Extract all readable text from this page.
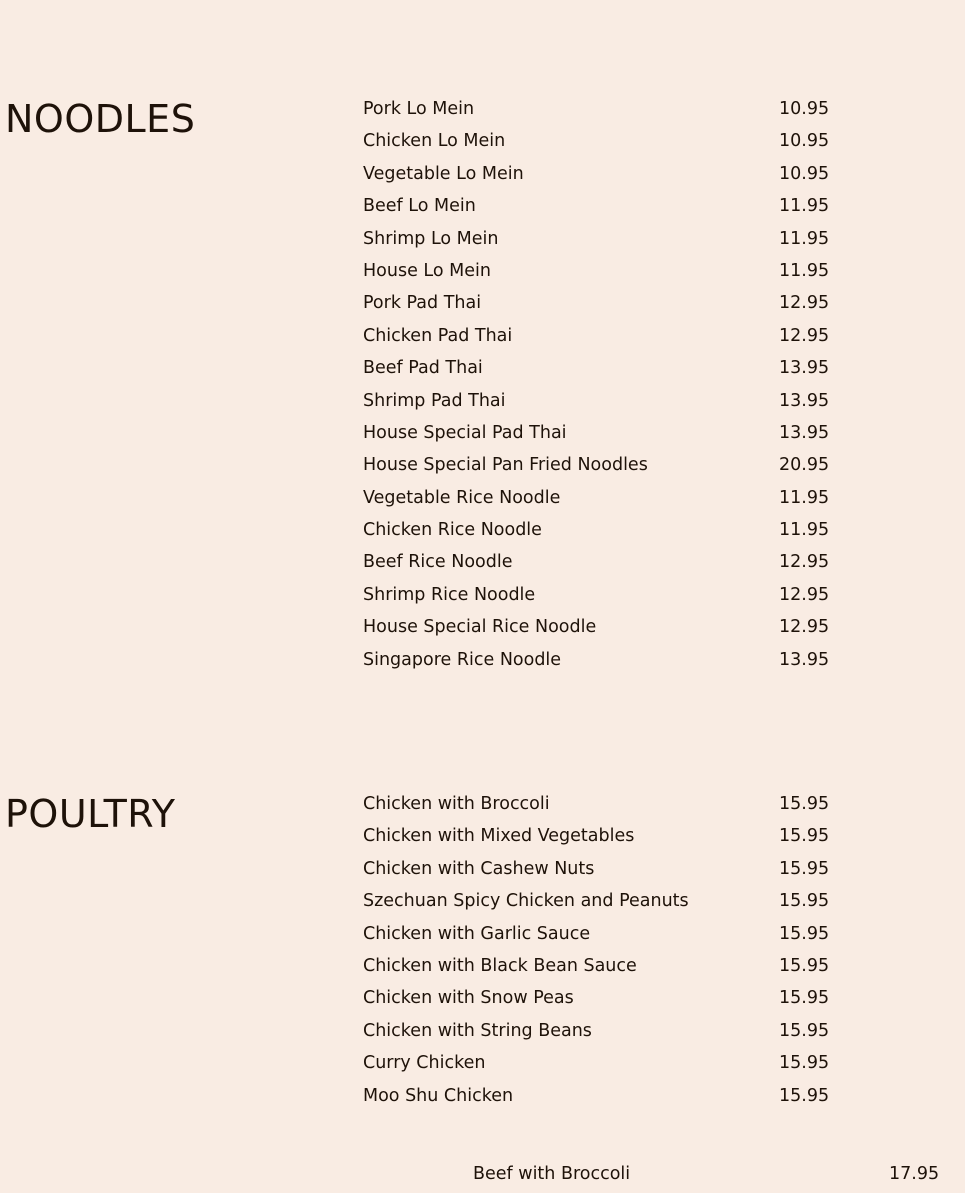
NOODLES	Pork Lo Mein	10.95
Chicken Lo Mein	10.95
Vegetable Lo Mein	10.95
Beef Lo Mein	11.95
Shrimp Lo Mein	11.95
House Lo Mein	11.95
Pork Pad Thai	12.95
Chicken Pad Thai	12.95
Beef Pad Thai	13.95
Shrimp Pad Thai	13.95
House Special Pad Thai	13.95
House Special Pan Fried Noodles	20.95
Vegetable Rice Noodle	11.95
Chicken Rice Noodle	11.95
Beef Rice Noodle	12.95
Shrimp Rice Noodle	12.95
House Special Rice Noodle	12.95
Singapore Rice Noodle	13.95
POULTRY	Chicken with Broccoli	15.95
Chicken with Mixed Vegetables	15.95
Chicken with Cashew Nuts	15.95
Szechuan Spicy Chicken and Peanuts	15.95
Chicken with Garlic Sauce	15.95
Chicken with Black Bean Sauce	15.95
Chicken with Snow Peas	15.95
Chicken with String Beans	15.95
Curry Chicken	15.95
Moo Shu Chicken	15.95
Beef with Broccoli	17.95
